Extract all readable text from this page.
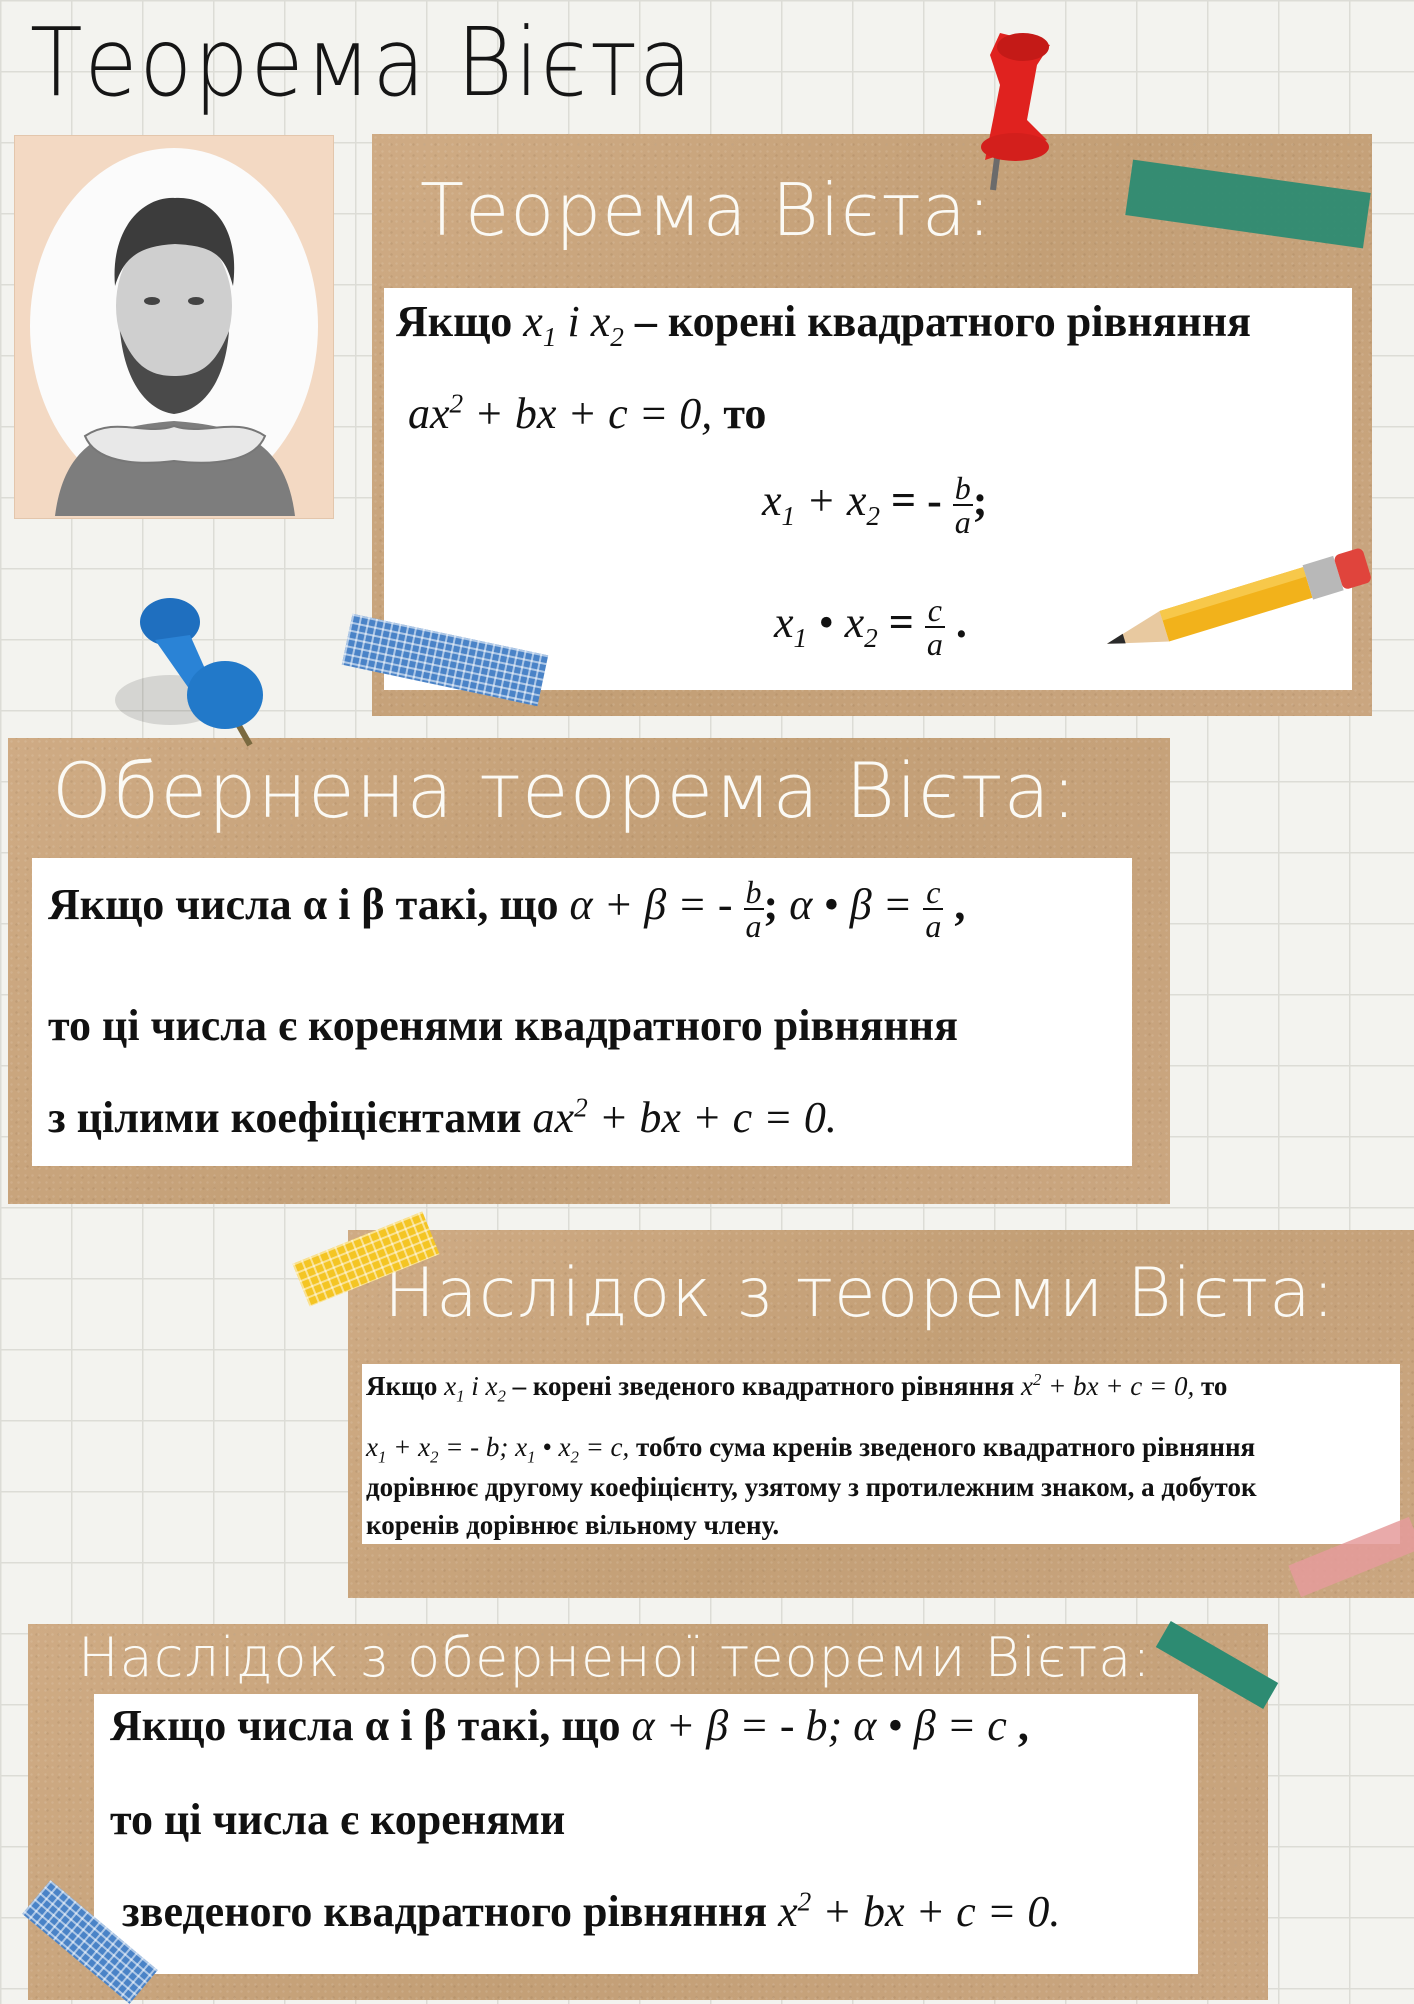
Теорема Вієта
Теорема Вієта:
Якщо $x_1$ і $x_2$ – корені квадратного рівняння
$ax^2$ + bx + c = 0, то
$x_1 + x_2$ = - $\frac{b}{a}$ ;
$x_1$ • $x_2 = \frac{c}{a}$ .
Обернена теорема Вієта:
Якщо числа α і β такі, що α + β = - $\frac{b}{a}$ ; α • $\beta = \frac{c}{a}$ ,
то ці числа є коренями квадратного рівняння
з цілими коефіцієнтами $ax^2$ + bx + c = 0.
Наслідок з теореми Вієта:
Якщо $x_1$ і $x_2$ – корені зведеного квадратного рівняння $x^2$ + bx + c = 0, то
$x_1 + x_2$ = - b; $x_1$ • $x_2 = c$, тобто сума кренів зведеного квадратного рівняння
дорівнює другому коефіцієнту, узятому з протилежним знаком, а добуток
коренів дорівнює вільному члену.
Наслідок з оберненої теореми Вієта:
Якщо числа α і β такі, що α + β = - b; α • β = c ,
то ці числа є коренями
зведеного квадратного рівняння $x^2$ + bx + c = 0.
